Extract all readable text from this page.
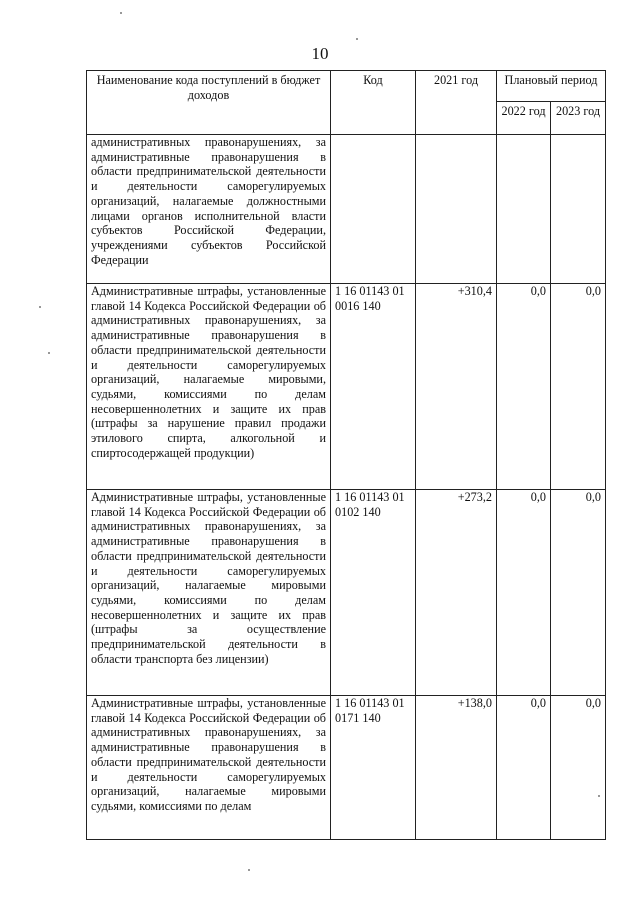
10
Наименование кода поступлений в бюджет доходов	Код	2021 год	Плановый период	
			2022 год	2023 год
административных правонарушениях, за административные правонарушения в области предпринимательской деятельности и деятельности саморегулируемых организаций, налагаемые должностными лицами органов исполнительной власти субъектов Российской Федерации, учреждениями субъектов Российской Федерации				
Административные штрафы, установленные главой 14 Кодекса Российской Федерации об административных правонарушениях, за административные правонарушения в области предпринимательской деятельности и деятельности саморегулируемых организаций, налагаемые мировыми, судьями, комиссиями по делам несовершеннолетних и защите их прав (штрафы за нарушение правил продажи этилового спирта, алкогольной и спиртосодержащей продукции)	1 16 01143 01 0016 140	+310,4	0,0	0,0
Административные штрафы, установленные главой 14 Кодекса Российской Федерации об административных правонарушениях, за административные правонарушения в области предпринимательской деятельности и деятельности саморегулируемых организаций, налагаемые мировыми судьями, комиссиями по делам несовершеннолетних и защите их прав (штрафы за осуществление предпринимательской деятельности в области транспорта без лицензии)	1 16 01143 01 0102 140	+273,2	0,0	0,0
Административные штрафы, установленные главой 14 Кодекса Российской Федерации об административных правонарушениях, за административные правонарушения в области предпринимательской деятельности и деятельности саморегулируемых организаций, налагаемые мировыми судьями, комиссиями по делам	1 16 01143 01 0171 140	+138,0	0,0	0,0
